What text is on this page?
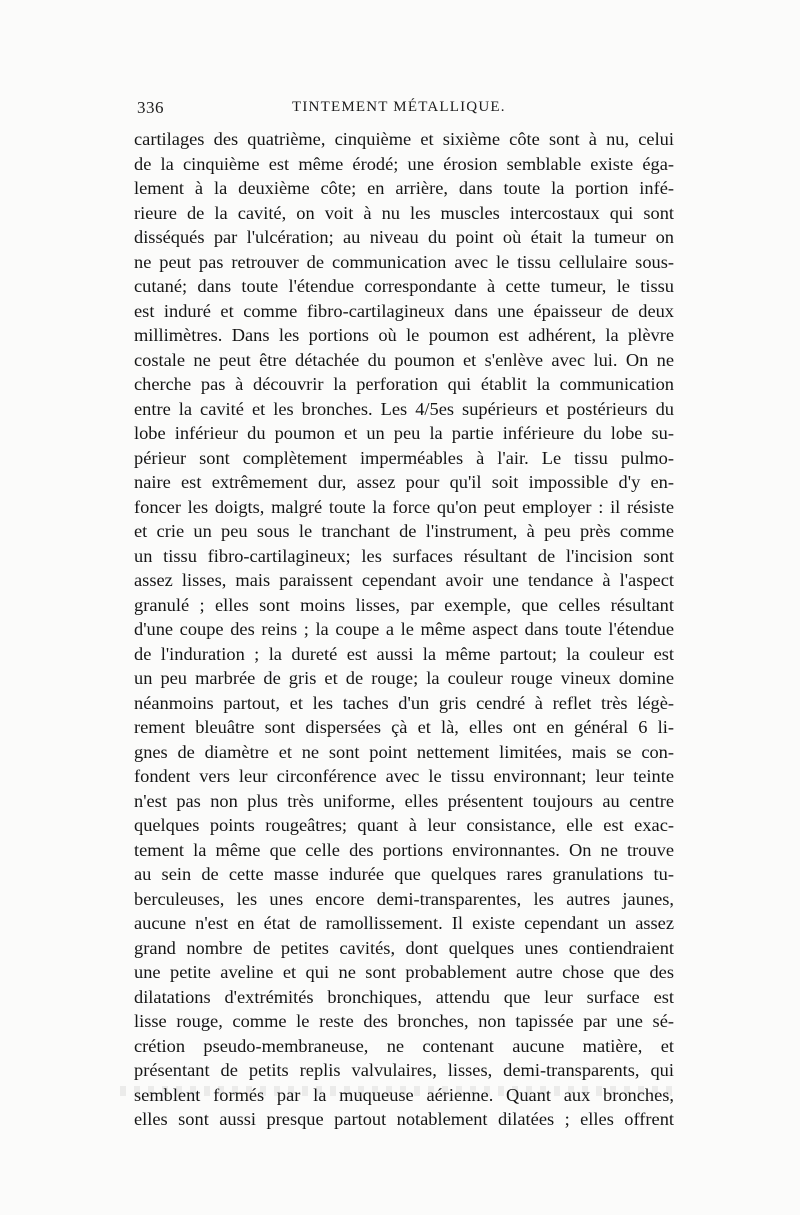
336	TINTEMENT MÉTALLIQUE.
cartilages des quatrième, cinquième et sixième côte sont à nu, celui
de la cinquième est même érodé; une érosion semblable existe éga-
lement à la deuxième côte; en arrière, dans toute la portion infé-
rieure de la cavité, on voit à nu les muscles intercostaux qui sont
disséqués par l'ulcération; au niveau du point où était la tumeur on
ne peut pas retrouver de communication avec le tissu cellulaire sous-
cutané; dans toute l'étendue correspondante à cette tumeur, le tissu
est induré et comme fibro-cartilagineux dans une épaisseur de deux
millimètres. Dans les portions où le poumon est adhérent, la plèvre
costale ne peut être détachée du poumon et s'enlève avec lui. On ne
cherche pas à découvrir la perforation qui établit la communication
entre la cavité et les bronches. Les 4/5es supérieurs et postérieurs du
lobe inférieur du poumon et un peu la partie inférieure du lobe su-
périeur sont complètement imperméables à l'air. Le tissu pulmo-
naire est extrêmement dur, assez pour qu'il soit impossible d'y en-
foncer les doigts, malgré toute la force qu'on peut employer : il résiste
et crie un peu sous le tranchant de l'instrument, à peu près comme
un tissu fibro-cartilagineux; les surfaces résultant de l'incision sont
assez lisses, mais paraissent cependant avoir une tendance à l'aspect
granulé ; elles sont moins lisses, par exemple, que celles résultant
d'une coupe des reins ; la coupe a le même aspect dans toute l'étendue
de l'induration ; la dureté est aussi la même partout; la couleur est
un peu marbrée de gris et de rouge; la couleur rouge vineux domine
néanmoins partout, et les taches d'un gris cendré à reflet très légè-
rement bleuâtre sont dispersées çà et là, elles ont en général 6 li-
gnes de diamètre et ne sont point nettement limitées, mais se con-
fondent vers leur circonférence avec le tissu environnant; leur teinte
n'est pas non plus très uniforme, elles présentent toujours au centre
quelques points rougeâtres; quant à leur consistance, elle est exac-
tement la même que celle des portions environnantes. On ne trouve
au sein de cette masse indurée que quelques rares granulations tu-
berculeuses, les unes encore demi-transparentes, les autres jaunes,
aucune n'est en état de ramollissement. Il existe cependant un assez
grand nombre de petites cavités, dont quelques unes contiendraient
une petite aveline et qui ne sont probablement autre chose que des
dilatations d'extrémités bronchiques, attendu que leur surface est
lisse rouge, comme le reste des bronches, non tapissée par une sé-
crétion pseudo-membraneuse, ne contenant aucune matière, et
présentant de petits replis valvulaires, lisses, demi-transparents, qui
semblent formés par la muqueuse aérienne. Quant aux bronches,
elles sont aussi presque partout notablement dilatées ; elles offrent
